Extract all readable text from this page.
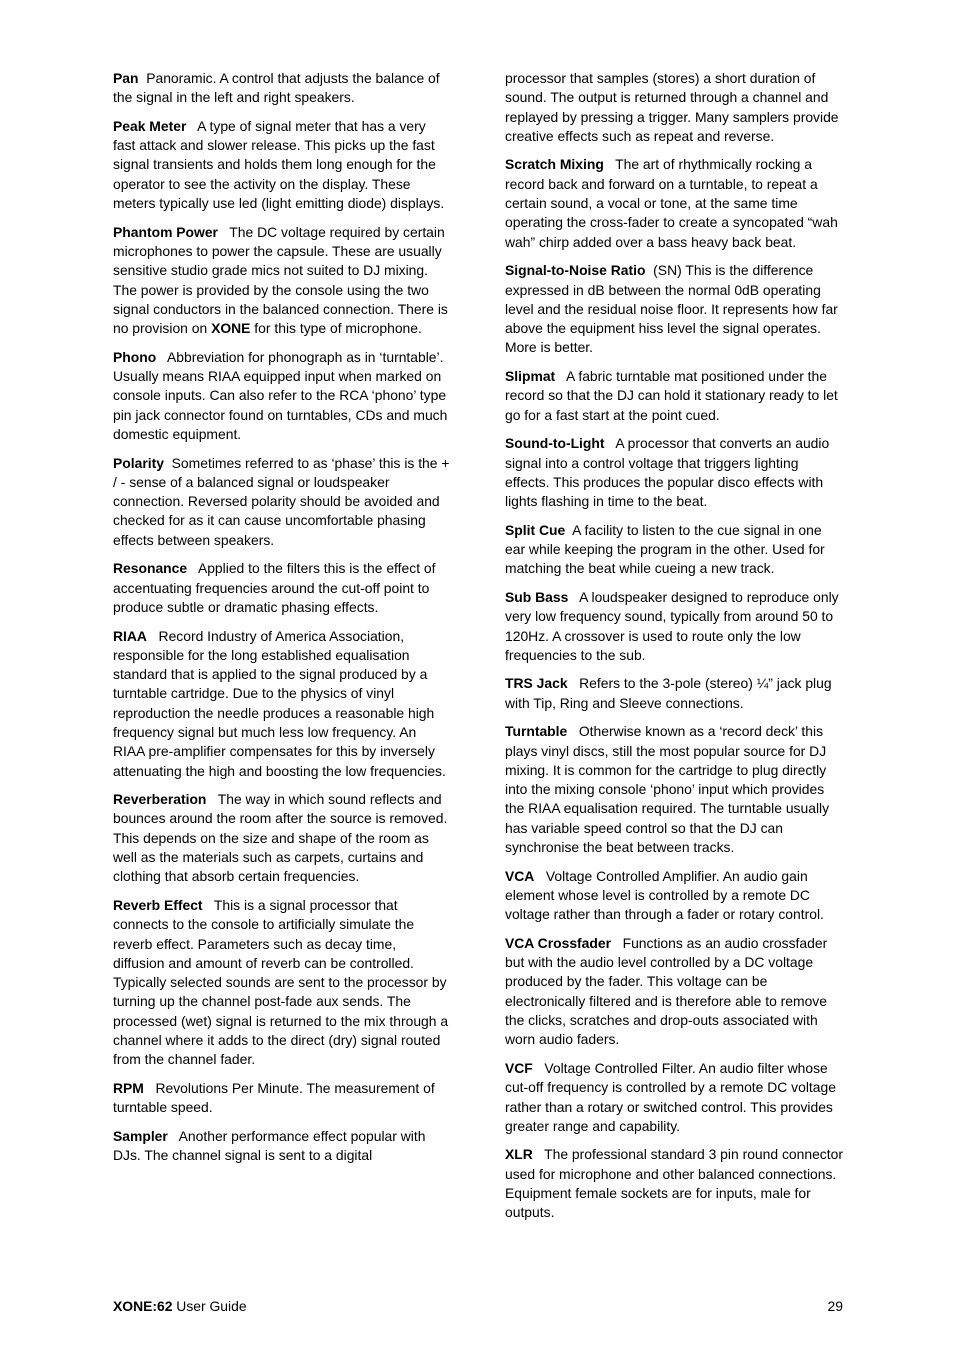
Pan Panoramic. A control that adjusts the balance of the signal in the left and right speakers.

Peak Meter A type of signal meter that has a very fast attack and slower release. This picks up the fast signal transients and holds them long enough for the operator to see the activity on the display. These meters typically use led (light emitting diode) displays.

Phantom Power The DC voltage required by certain microphones to power the capsule. These are usually sensitive studio grade mics not suited to DJ mixing. The power is provided by the console using the two signal conductors in the balanced connection. There is no provision on XONE for this type of microphone.

Phono Abbreviation for phonograph as in ‘turntable’. Usually means RIAA equipped input when marked on console inputs. Can also refer to the RCA ‘phono’ type pin jack connector found on turntables, CDs and much domestic equipment.

Polarity Sometimes referred to as ‘phase’ this is the + / - sense of a balanced signal or loudspeaker connection. Reversed polarity should be avoided and checked for as it can cause uncomfortable phasing effects between speakers.

Resonance Applied to the filters this is the effect of accentuating frequencies around the cut-off point to produce subtle or dramatic phasing effects.

RIAA Record Industry of America Association, responsible for the long established equalisation standard that is applied to the signal produced by a turntable cartridge. Due to the physics of vinyl reproduction the needle produces a reasonable high frequency signal but much less low frequency. An RIAA pre-amplifier compensates for this by inversely attenuating the high and boosting the low frequencies.

Reverberation The way in which sound reflects and bounces around the room after the source is removed. This depends on the size and shape of the room as well as the materials such as carpets, curtains and clothing that absorb certain frequencies.

Reverb Effect This is a signal processor that connects to the console to artificially simulate the reverb effect. Parameters such as decay time, diffusion and amount of reverb can be controlled. Typically selected sounds are sent to the processor by turning up the channel post-fade aux sends. The processed (wet) signal is returned to the mix through a channel where it adds to the direct (dry) signal routed from the channel fader.

RPM Revolutions Per Minute. The measurement of turntable speed.

Sampler Another performance effect popular with DJs. The channel signal is sent to a digital

processor that samples (stores) a short duration of sound. The output is returned through a channel and replayed by pressing a trigger. Many samplers provide creative effects such as repeat and reverse.

Scratch Mixing The art of rhythmically rocking a record back and forward on a turntable, to repeat a certain sound, a vocal or tone, at the same time operating the cross-fader to create a syncopated “wah wah” chirp added over a bass heavy back beat.

Signal-to-Noise Ratio (SN) This is the difference expressed in dB between the normal 0dB operating level and the residual noise floor. It represents how far above the equipment hiss level the signal operates. More is better.

Slipmat A fabric turntable mat positioned under the record so that the DJ can hold it stationary ready to let go for a fast start at the point cued.

Sound-to-Light A processor that converts an audio signal into a control voltage that triggers lighting effects. This produces the popular disco effects with lights flashing in time to the beat.

Split Cue A facility to listen to the cue signal in one ear while keeping the program in the other. Used for matching the beat while cueing a new track.

Sub Bass A loudspeaker designed to reproduce only very low frequency sound, typically from around 50 to 120Hz. A crossover is used to route only the low frequencies to the sub.

TRS Jack Refers to the 3-pole (stereo) ¼” jack plug with Tip, Ring and Sleeve connections.

Turntable Otherwise known as a ‘record deck’ this plays vinyl discs, still the most popular source for DJ mixing. It is common for the cartridge to plug directly into the mixing console ‘phono’ input which provides the RIAA equalisation required. The turntable usually has variable speed control so that the DJ can synchronise the beat between tracks.

VCA Voltage Controlled Amplifier. An audio gain element whose level is controlled by a remote DC voltage rather than through a fader or rotary control.

VCA Crossfader Functions as an audio crossfader but with the audio level controlled by a DC voltage produced by the fader. This voltage can be electronically filtered and is therefore able to remove the clicks, scratches and drop-outs associated with worn audio faders.

VCF Voltage Controlled Filter. An audio filter whose cut-off frequency is controlled by a remote DC voltage rather than a rotary or switched control. This provides greater range and capability.

XLR The professional standard 3 pin round connector used for microphone and other balanced connections. Equipment female sockets are for inputs, male for outputs.

XONE:62 User Guide	29
